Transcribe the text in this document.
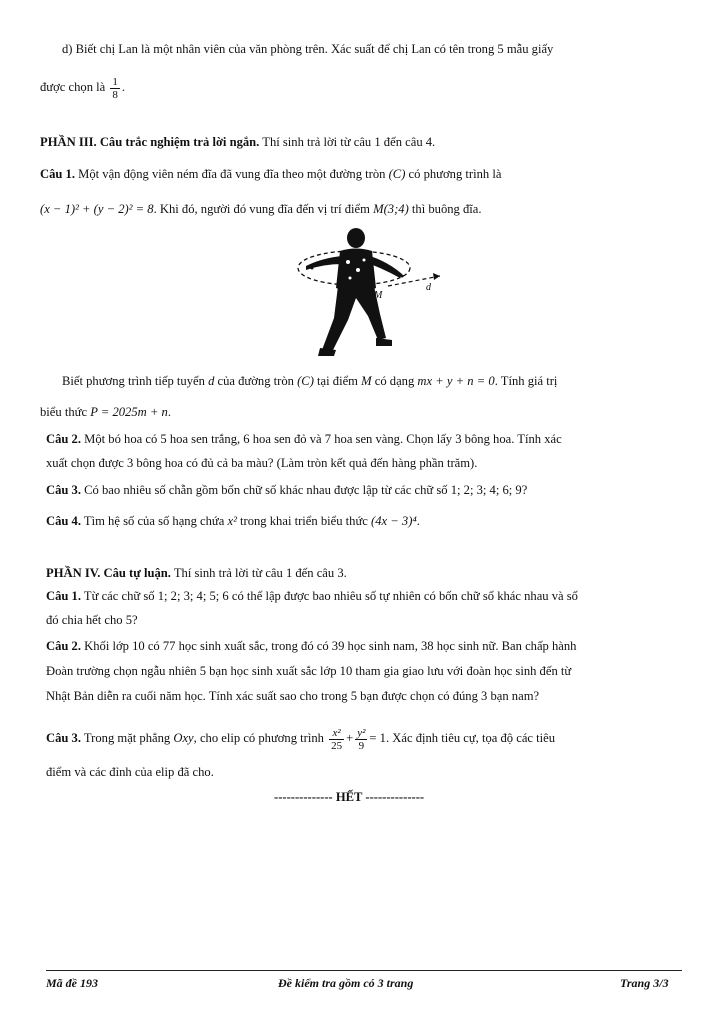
d) Biết chị Lan là một nhân viên của văn phòng trên. Xác suất để chị Lan có tên trong 5 mẫu giấy
được chọn là $\frac{1}{8}$ .
PHẦN III. Câu trắc nghiệm trả lời ngắn. Thí sinh trả lời từ câu 1 đến câu 4.
Câu 1. Một vận động viên ném đĩa đã vung đĩa theo một đường tròn (C) có phương trình là
(x − 1)² + (y − 2)² = 8. Khi đó, người đó vung đĩa đến vị trí điểm M(3;4) thì buông đĩa.
M
d
Biết phương trình tiếp tuyến d của đường tròn (C) tại điểm M có dạng mx + y + n = 0. Tính giá trị
biểu thức P = 2025m + n.
Câu 2. Một bó hoa có 5 hoa sen trắng, 6 hoa sen đỏ và 7 hoa sen vàng. Chọn lấy 3 bông hoa. Tính xác
xuất chọn được 3 bông hoa có đủ cả ba màu? (Làm tròn kết quả đến hàng phần trăm).
Câu 3. Có bao nhiêu số chẵn gồm bốn chữ số khác nhau được lập từ các chữ số 1; 2; 3; 4; 6; 9?
Câu 4. Tìm hệ số của số hạng chứa x² trong khai triển biểu thức (4x − 3)⁴.
PHẦN IV. Câu tự luận. Thí sinh trả lời từ câu 1 đến câu 3.
Câu 1. Từ các chữ số 1; 2; 3; 4; 5; 6 có thể lập được bao nhiêu số tự nhiên có bốn chữ số khác nhau và số
đó chia hết cho 5?
Câu 2. Khối lớp 10 có 77 học sinh xuất sắc, trong đó có 39 học sinh nam, 38 học sinh nữ. Ban chấp hành
Đoàn trường chọn ngẫu nhiên 5 bạn học sinh xuất sắc lớp 10 tham gia giao lưu với đoàn học sinh đến từ
Nhật Bản diễn ra cuối năm học. Tính xác suất sao cho trong 5 bạn được chọn có đúng 3 bạn nam?
Câu 3. Trong mặt phẳng Oxy, cho elip có phương trình $\frac{\text{x²}}{25} + \frac{\text{y²}}{9} = 1$. Xác định tiêu cự, tọa độ các tiêu
điểm và các đỉnh của elip đã cho.
-------------- HẾT --------------
Mã đề 193	Đề kiểm tra gồm có 3 trang	Trang 3/3
